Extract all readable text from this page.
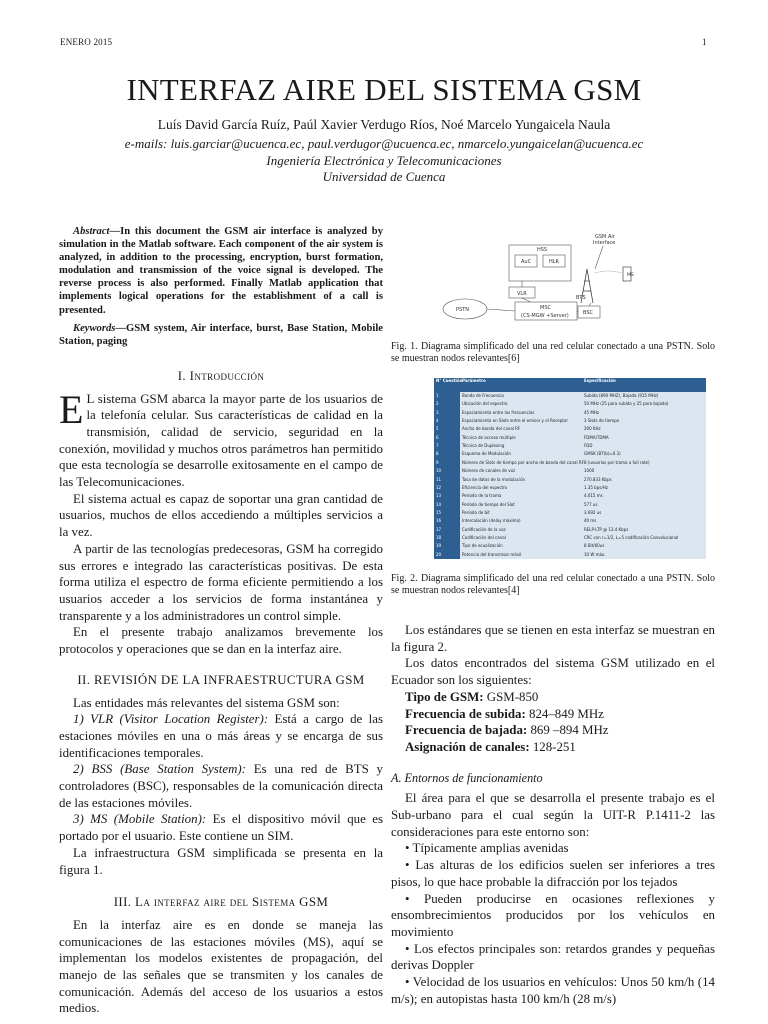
ENERO 2015	1
INTERFAZ AIRE DEL SISTEMA GSM
Luís David García Ruíz, Paúl Xavier Verdugo Ríos, Noé Marcelo Yungaicela Naula
e-mails: luis.garciar@ucuenca.ec, paul.verdugor@ucuenca.ec, nmarcelo.yungaicelan@ucuenca.ec
Ingeniería Electrónica y Telecomunicaciones
Universidad de Cuenca

Abstract—In this document the GSM air interface is analyzed by simulation in the Matlab software. Each component of the air system is analyzed, in addition to the processing, encryption, burst formation, modulation and transmission of the voice signal is developed. The reverse process is also performed. Finally Matlab application that implements logical operations for the establishment of a call is presented.

Keywords—GSM system, Air interface, burst, Base Station, Mobile Station, paging

I. Introducción

E L sistema GSM abarca la mayor parte de los usuarios de la telefonía celular. Sus características de calidad en la transmisión, calidad de servicio, seguridad en la conexión, movilidad y muchos otros parámetros han permitido que esta tecnología se desarrolle exitosamente en el campo de las Telecomunicaciones.

El sistema actual es capaz de soportar una gran cantidad de usuarios, muchos de ellos accediendo a múltiples servicios a la vez.

A partir de las tecnologías predecesoras, GSM ha corregido sus errores e integrado las características positivas. De esta forma utiliza el espectro de forma eficiente permitiendo a los usuarios acceder a los servicios de forma instantánea y transparente y a los administradores un control simple.

En el presente trabajo analizamos brevemente los protocolos y operaciones que se dan en la interfaz aire.

II. REVISIÓN DE LA INFRAESTRUCTURA GSM

Las entidades más relevantes del sistema GSM son:

1) VLR (Visitor Location Register): Está a cargo de las estaciones móviles en una o más áreas y se encarga de sus identificaciones temporales.

2) BSS (Base Station System): Es una red de BTS y controladores (BSC), responsables de la comunicación directa de las estaciones móviles.

3) MS (Mobile Station): Es el dispositivo móvil que es portado por el usuario. Este contiene un SIM.

La infraestructura GSM simplificada se presenta en la figura 1.

III. La interfaz aire del Sistema GSM

En la interfaz aire es en donde se maneja las comunicaciones de las estaciones móviles (MS), aquí se implementan los modelos existentes de propagación, del manejo de las señales que se transmiten y los canales de comunicación. Además del acceso de los usuarios a estos medios.

GSM Air
Interface
HSS
AuC	HLR
VLR
MSC
(CS-MGW +Server)
PSTN	BSC
BTS
MS
Fig. 1. Diagrama simplificado del una red celular conectado a una PSTN. Solo se muestran nodos relevantes[6]
N° Cuestión Parámetro	Especificación
1	Banda de Frecuencia	Subida (890 MHZ), Bajada (915 MHz)
2	Ubicación del espectro	50 MHz (25 para subida y 25 para bajada)
3	Espaciamiento entre las frecuencias	45 MHz
4	Espaciamiento en Slots entre el emisor y el Receptor	3 Slots de tiempo
5	Ancho de banda del canal RF	200 KHz
6	Técnica de acceso múltiple	FDMA/TDMA
7	Técnica de Duplexing	FDD
8	Esquema de Modulación	GMSK (BT(b)=0.3)
9	Número de Slots de tiempo por ancho de banda del canal RF 8 (usuarios por trama a full rate)
10	Número de canales de voz	1000
11	Tasa de datos de la modulación	270.833 Kbps
12	Eficiencia del espectro	1.35 bps/Hz
13	Período de la trama	4.615 ms
14	Período de tiempo del Slot	577 us
15	Período de bit	3.692 us
16	Intercalación (delay máximo)	40 ms
17	Codificación de la voz	RELP-LTP @ 13.4 Kbps
18	Codificación del canal	CRC con r=1/2, L=5 codificación Convolucional
19	Tipo de ecualización	8 Bit/60us
20	Potencia del transmisor móvil	10 W máx.
Fig. 2. Diagrama simplificado del una red celular conectado a una PSTN. Solo se muestran nodos relevantes[4]

Los estándares que se tienen en esta interfaz se muestran en la figura 2.

Los datos encontrados del sistema GSM utilizado en el Ecuador son los siguientes:

Tipo de GSM: GSM-850

Frecuencia de subida: 824–849 MHz

Frecuencia de bajada: 869 –894 MHz

Asignación de canales: 128-251

A. Entornos de funcionamiento

El área para el que se desarrolla el presente trabajo es el Sub-urbano para el cual según la UIT-R P.1411-2 las consideraciones para este entorno son:

• Típicamente amplias avenidas

• Las alturas de los edificios suelen ser inferiores a tres pisos, lo que hace probable la difracción por los tejados

• Pueden producirse en ocasiones reflexiones y ensombrecimientos producidos por los vehículos en movimiento

• Los efectos principales son: retardos grandes y pequeñas derivas Doppler

• Velocidad de los usuarios en vehículos: Unos 50 km/h (14 m/s); en autopistas hasta 100 km/h (28 m/s)
